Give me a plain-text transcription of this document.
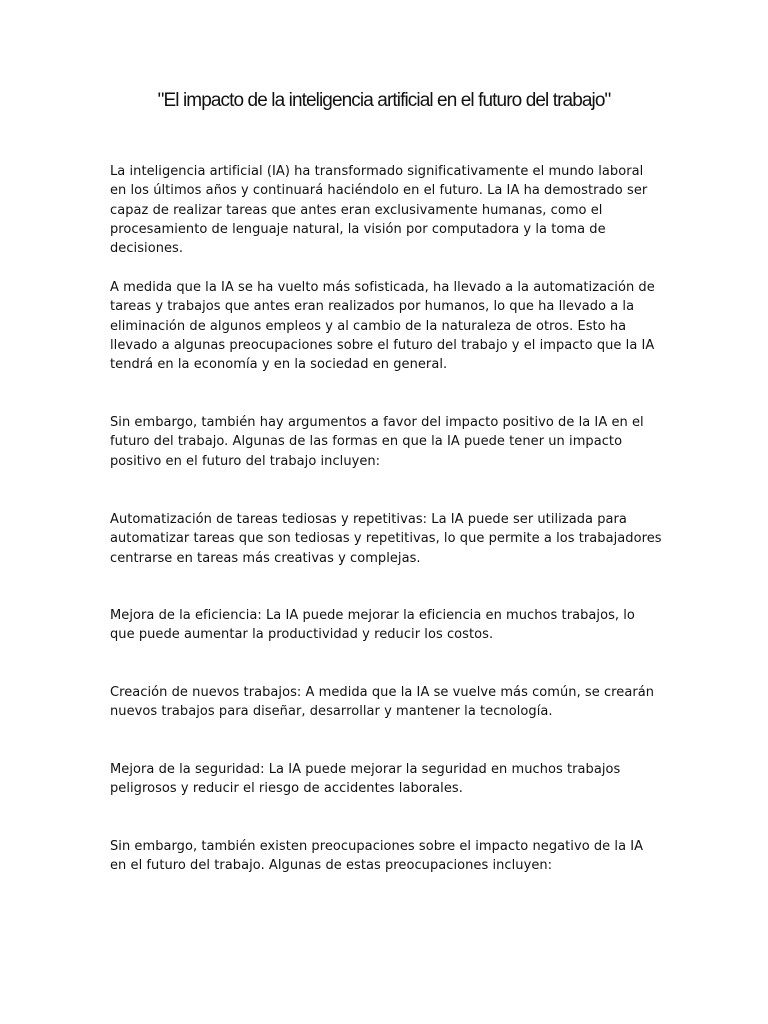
"El impacto de la inteligencia artificial en el futuro del trabajo"

La inteligencia artificial (IA) ha transformado significativamente el mundo laboral en los últimos años y continuará haciéndolo en el futuro. La IA ha demostrado ser capaz de realizar tareas que antes eran exclusivamente humanas, como el procesamiento de lenguaje natural, la visión por computadora y la toma de decisiones.

A medida que la IA se ha vuelto más sofisticada, ha llevado a la automatización de tareas y trabajos que antes eran realizados por humanos, lo que ha llevado a la eliminación de algunos empleos y al cambio de la naturaleza de otros. Esto ha llevado a algunas preocupaciones sobre el futuro del trabajo y el impacto que la IA tendrá en la economía y en la sociedad en general.

Sin embargo, también hay argumentos a favor del impacto positivo de la IA en el futuro del trabajo. Algunas de las formas en que la IA puede tener un impacto positivo en el futuro del trabajo incluyen:

Automatización de tareas tediosas y repetitivas: La IA puede ser utilizada para automatizar tareas que son tediosas y repetitivas, lo que permite a los trabajadores centrarse en tareas más creativas y complejas.

Mejora de la eficiencia: La IA puede mejorar la eficiencia en muchos trabajos, lo que puede aumentar la productividad y reducir los costos.

Creación de nuevos trabajos: A medida que la IA se vuelve más común, se crearán nuevos trabajos para diseñar, desarrollar y mantener la tecnología.

Mejora de la seguridad: La IA puede mejorar la seguridad en muchos trabajos peligrosos y reducir el riesgo de accidentes laborales.

Sin embargo, también existen preocupaciones sobre el impacto negativo de la IA en el futuro del trabajo. Algunas de estas preocupaciones incluyen:
